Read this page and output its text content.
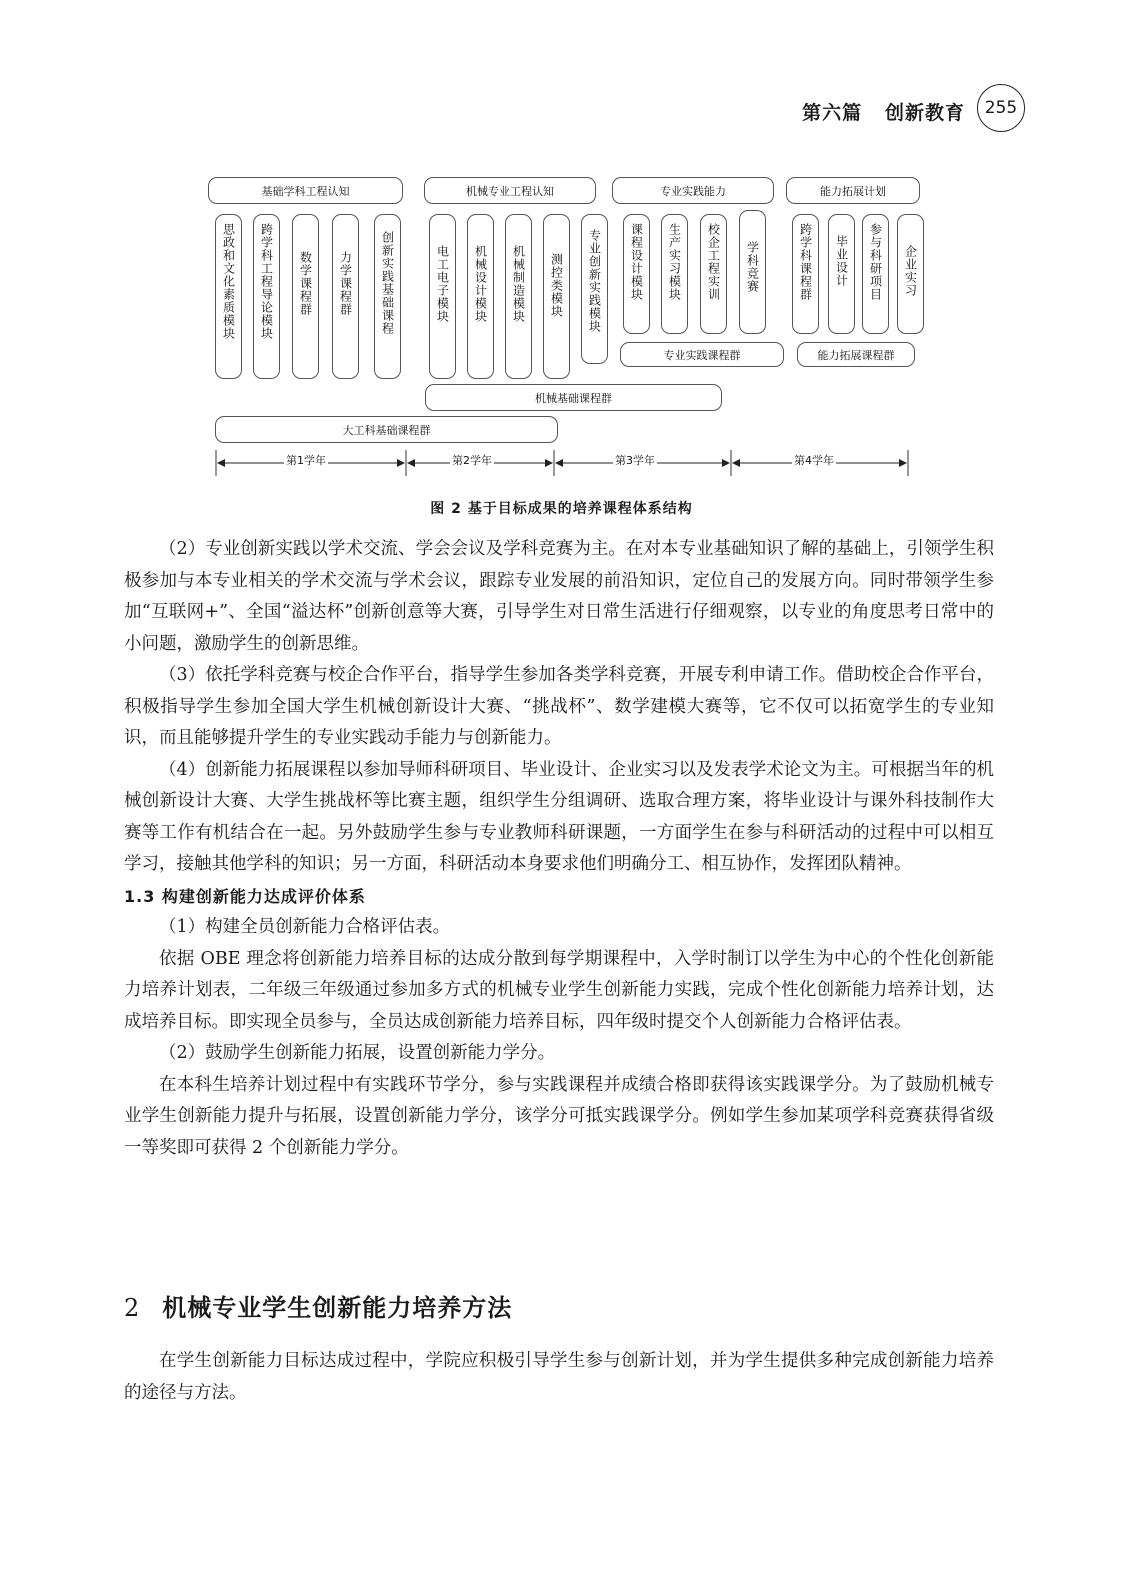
第六篇 创新教育	255
基础学科工程认知	机械专业工程认知	专业实践能力	能力拓展计划
思政和文化素质模块 跨学科工程导论模块 数学课程群 力学课程群 创新实践基础课程	电工电子模块 机械设计模块 机械制造模块 测控类模块 专业创新实践模块 课程设计模块 生产实习模块 校企工程实训 学科竞赛
专业实践课程群
跨学科课程群 毕业设计 参与科研项目 企业实习
能力拓展课程群
机械基础课程群
大工科基础课程群
第1学年	第2学年	第3学年	第4学年
图 2 基于目标成果的培养课程体系结构

（2）专业创新实践以学术交流、学会会议及学科竞赛为主。在对本专业基础知识了解的基础上，引领学生积极参加与本专业相关的学术交流与学术会议，跟踪专业发展的前沿知识，定位自己的发展方向。同时带领学生参加“互联网+”、全国“溢达杯”创新创意等大赛，引导学生对日常生活进行仔细观察，以专业的角度思考日常中的小问题，激励学生的创新思维。

（3）依托学科竞赛与校企合作平台，指导学生参加各类学科竞赛，开展专利申请工作。借助校企合作平台，积极指导学生参加全国大学生机械创新设计大赛、“挑战杯”、数学建模大赛等，它不仅可以拓宽学生的专业知识，而且能够提升学生的专业实践动手能力与创新能力。

（4）创新能力拓展课程以参加导师科研项目、毕业设计、企业实习以及发表学术论文为主。可根据当年的机械创新设计大赛、大学生挑战杯等比赛主题，组织学生分组调研、选取合理方案，将毕业设计与课外科技制作大赛等工作有机结合在一起。另外鼓励学生参与专业教师科研课题，一方面学生在参与科研活动的过程中可以相互学习，接触其他学科的知识；另一方面，科研活动本身要求他们明确分工、相互协作，发挥团队精神。

1.3 构建创新能力达成评价体系

（1）构建全员创新能力合格评估表。

依据 OBE 理念将创新能力培养目标的达成分散到每学期课程中，入学时制订以学生为中心的个性化创新能力培养计划表，二年级三年级通过参加多方式的机械专业学生创新能力实践，完成个性化创新能力培养计划，达成培养目标。即实现全员参与，全员达成创新能力培养目标，四年级时提交个人创新能力合格评估表。

（2）鼓励学生创新能力拓展，设置创新能力学分。

在本科生培养计划过程中有实践环节学分，参与实践课程并成绩合格即获得该实践课学分。为了鼓励机械专业学生创新能力提升与拓展，设置创新能力学分，该学分可抵实践课学分。例如学生参加某项学科竞赛获得省级一等奖即可获得 2 个创新能力学分。

2 机械专业学生创新能力培养方法

在学生创新能力目标达成过程中，学院应积极引导学生参与创新计划，并为学生提供多种完成创新能力培养的途径与方法。
